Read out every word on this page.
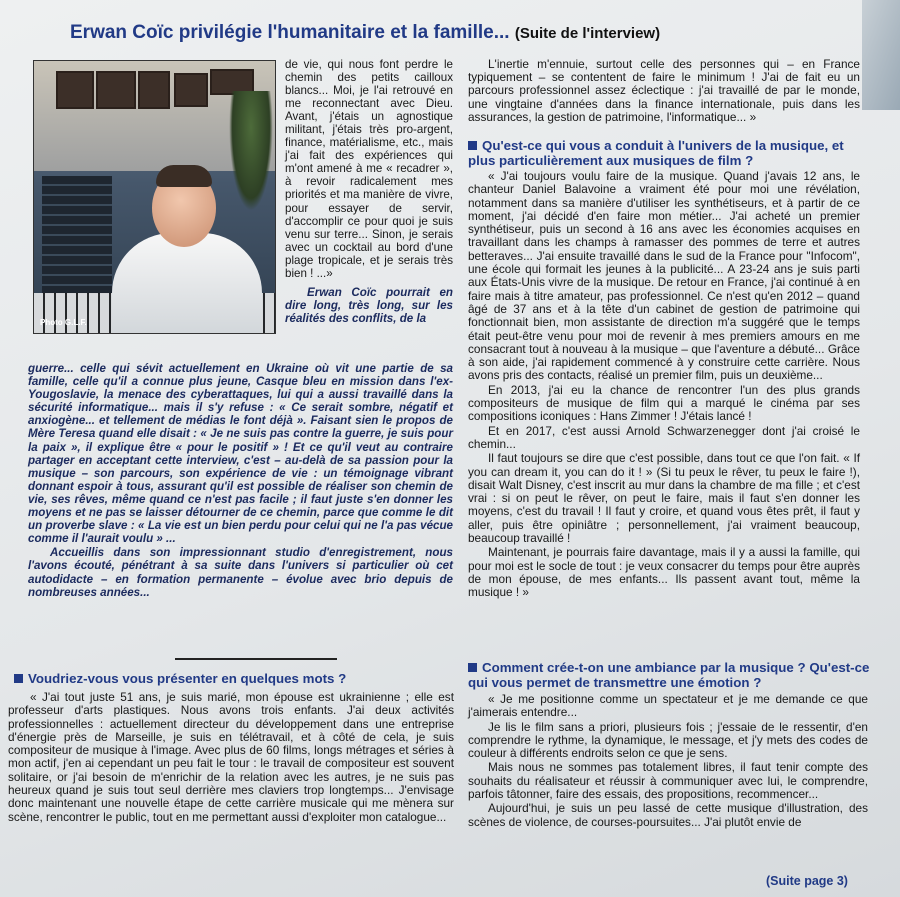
Erwan Coïc privilégie l'humanitaire et la famille... (Suite de l'interview)
Photo G.L.F.

de vie, qui nous font perdre le chemin des petits cailloux blancs... Moi, je l'ai retrouvé en me reconnectant avec Dieu. Avant, j'étais un agnostique militant, j'étais très pro-argent, finance, matérialisme, etc., mais j'ai fait des expériences qui m'ont amené à me « recadrer », à revoir radicalement mes priorités et ma manière de vivre, pour essayer de servir, d'accomplir ce pour quoi je suis venu sur terre... Sinon, je serais avec un cocktail au bord d'une plage tropicale, et je serais très bien ! ...»

Erwan Coïc pourrait en dire long, très long, sur les réalités des conflits, de la

guerre... celle qui sévit actuellement en Ukraine où vit une partie de sa famille, celle qu'il a connue plus jeune, Casque bleu en mission dans l'ex-Yougoslavie, la menace des cyberattaques, lui qui a aussi travaillé dans la sécurité informatique... mais il s'y refuse : « Ce serait sombre, négatif et anxiogène... et tellement de médias le font déjà ». Faisant sien le propos de Mère Teresa quand elle disait : « Je ne suis pas contre la guerre, je suis pour la paix », il explique être « pour le positif » ! Et ce qu'il veut au contraire partager en acceptant cette interview, c'est – au-delà de sa passion pour la musique – son parcours, son expérience de vie : un témoignage vibrant donnant espoir à tous, assurant qu'il est possible de réaliser son chemin de vie, ses rêves, même quand ce n'est pas facile ; il faut juste s'en donner les moyens et ne pas se laisser détourner de ce chemin, parce que comme le dit un proverbe slave : « La vie est un bien perdu pour celui qui ne l'a pas vécue comme il l'aurait voulu » ...

Accueillis dans son impressionnant studio d'enregistrement, nous l'avons écouté, pénétrant à sa suite dans l'univers si particulier où cet autodidacte – en formation permanente – évolue avec brio depuis de nombreuses années...

Voudriez-vous vous présenter en quelques mots ?

« J'ai tout juste 51 ans, je suis marié, mon épouse est ukrainienne ; elle est professeur d'arts plastiques. Nous avons trois enfants. J'ai deux activités professionnelles : actuellement directeur du développement dans une entreprise d'énergie près de Marseille, je suis en télétravail, et à côté de cela, je suis compositeur de musique à l'image. Avec plus de 60 films, longs métrages et séries à mon actif, j'en ai cependant un peu fait le tour : le travail de compositeur est souvent solitaire, or j'ai besoin de m'enrichir de la relation avec les autres, je ne suis pas heureux quand je suis tout seul derrière mes claviers trop longtemps... J'envisage donc maintenant une nouvelle étape de cette carrière musicale qui me mènera sur scène, rencontrer le public, tout en me permettant aussi d'exploiter mon catalogue...

L'inertie m'ennuie, surtout celle des personnes qui – en France typiquement – se contentent de faire le minimum ! J'ai de fait eu un parcours professionnel assez éclectique : j'ai travaillé de par le monde, une vingtaine d'années dans la finance internationale, puis dans les assurances, la gestion de patrimoine, l'informatique... »

Qu'est-ce qui vous a conduit à l'univers de la musique, et plus particulièrement aux musiques de film ?

« J'ai toujours voulu faire de la musique. Quand j'avais 12 ans, le chanteur Daniel Balavoine a vraiment été pour moi une révélation, notamment dans sa manière d'utiliser les synthétiseurs, et à partir de ce moment, j'ai décidé d'en faire mon métier... J'ai acheté un premier synthétiseur, puis un second à 16 ans avec les économies acquises en travaillant dans les champs à ramasser des pommes de terre et autres betteraves... J'ai ensuite travaillé dans le sud de la France pour "Infocom", une école qui formait les jeunes à la publicité... A 23-24 ans je suis parti aux États-Unis vivre de la musique. De retour en France, j'ai continué à en faire mais à titre amateur, pas professionnel. Ce n'est qu'en 2012 – quand âgé de 37 ans et à la tête d'un cabinet de gestion de patrimoine qui fonctionnait bien, mon assistante de direction m'a suggéré que le temps était peut-être venu pour moi de revenir à mes premiers amours en me consacrant tout à nouveau à la musique – que l'aventure a débuté... Grâce à son aide, j'ai rapidement commencé à y construire cette carrière. Nous avons pris des contacts, réalisé un premier film, puis un deuxième...

En 2013, j'ai eu la chance de rencontrer l'un des plus grands compositeurs de musique de film qui a marqué le cinéma par ses compositions iconiques : Hans Zimmer ! J'étais lancé !

Et en 2017, c'est aussi Arnold Schwarzenegger dont j'ai croisé le chemin...

Il faut toujours se dire que c'est possible, dans tout ce que l'on fait. « If you can dream it, you can do it ! » (Si tu peux le rêver, tu peux le faire !), disait Walt Disney, c'est inscrit au mur dans la chambre de ma fille ; et c'est vrai : si on peut le rêver, on peut le faire, mais il faut s'en donner les moyens, c'est du travail ! Il faut y croire, et quand vous êtes prêt, il faut y aller, puis être opiniâtre ; personnellement, j'ai vraiment beaucoup, beaucoup travaillé !

Maintenant, je pourrais faire davantage, mais il y a aussi la famille, qui pour moi est le socle de tout : je veux consacrer du temps pour être auprès de mon épouse, de mes enfants... Ils passent avant tout, même la musique ! »

Comment crée-t-on une ambiance par la musique ? Qu'est-ce qui vous permet de transmettre une émotion ?

« Je me positionne comme un spectateur et je me demande ce que j'aimerais entendre...

Je lis le film sans a priori, plusieurs fois ; j'essaie de le ressentir, d'en comprendre le rythme, la dynamique, le message, et j'y mets des codes de couleur à différents endroits selon ce que je sens.

Mais nous ne sommes pas totalement libres, il faut tenir compte des souhaits du réalisateur et réussir à communiquer avec lui, le comprendre, parfois tâtonner, faire des essais, des propositions, recommencer...

Aujourd'hui, je suis un peu lassé de cette musique d'illustration, des scènes de violence, de courses-poursuites... J'ai plutôt envie de

(Suite page 3)
